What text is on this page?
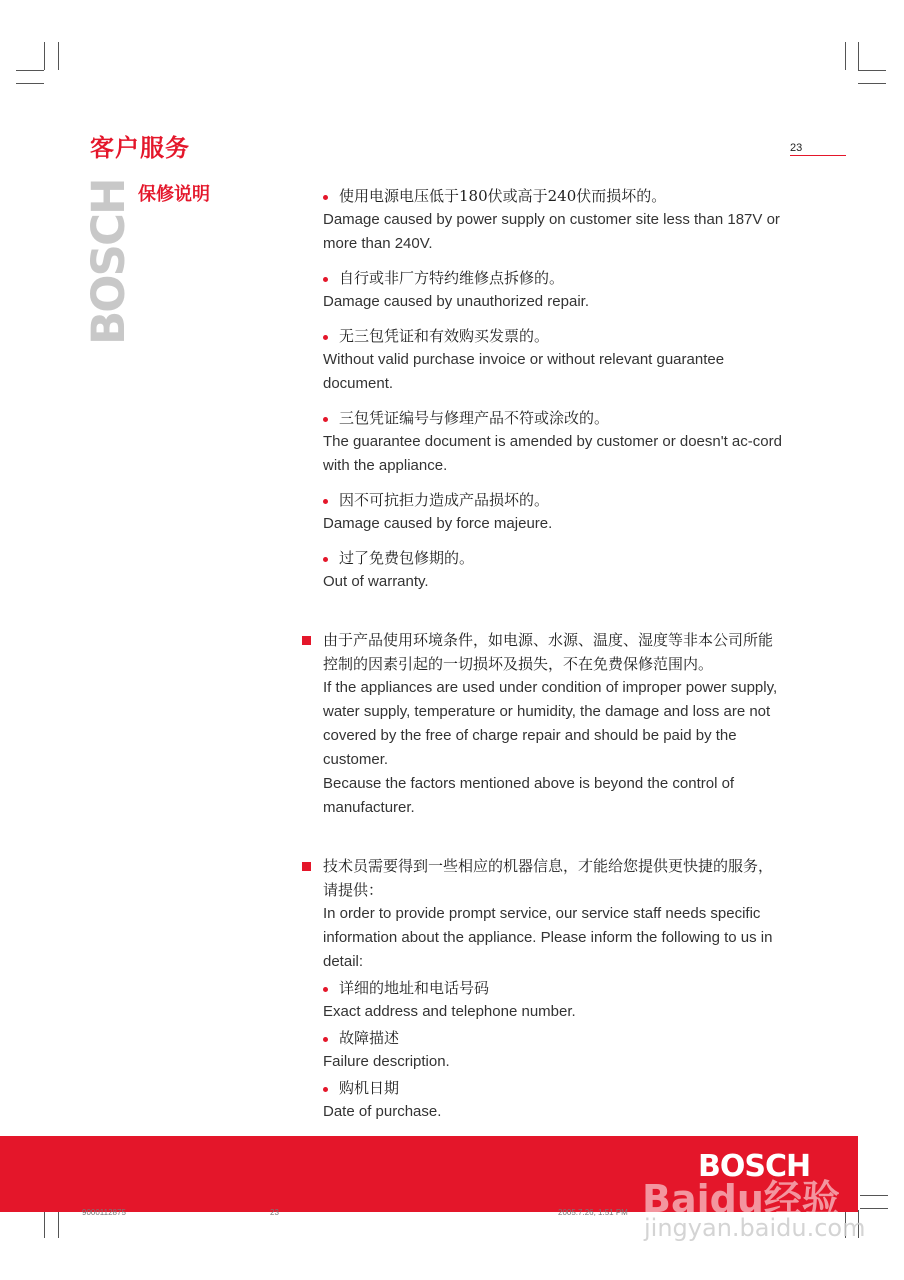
客户服务	23
BOSCH 保修说明	使用电源电压低于180伏或高于240伏而损坏的。
Damage caused by power supply on customer site less than 187V or more than 240V.
自行或非厂方特约维修点拆修的。
Damage caused by unauthorized repair.
无三包凭证和有效购买发票的。
Without valid purchase invoice or without relevant guarantee document.
三包凭证编号与修理产品不符或涂改的。
The guarantee document is amended by customer or doesn't ac-cord with the appliance.
因不可抗拒力造成产品损坏的。
Damage caused by force majeure.
过了免费包修期的。
Out of warranty.
由于产品使用环境条件，如电源、水源、温度、湿度等非本公司所能控制的因素引起的一切损坏及损失，不在免费保修范围内。
If the appliances are used under condition of improper power supply, water supply, temperature or humidity, the damage and loss are not covered by the free of charge repair and should be paid by the customer.
Because the factors mentioned above is beyond the control of manufacturer.
技术员需要得到一些相应的机器信息，才能给您提供更快捷的服务，请提供：
In order to provide prompt service, our service staff needs specific information about the appliance. Please inform the following to us in detail:
详细的地址和电话号码
Exact address and telephone number.
故障描述
Failure description.
购机日期
Date of purchase.
BOSCH
Baidu经验
jingyan.baidu.com
9000112875	23	2005.7.26, 1:51 PM
